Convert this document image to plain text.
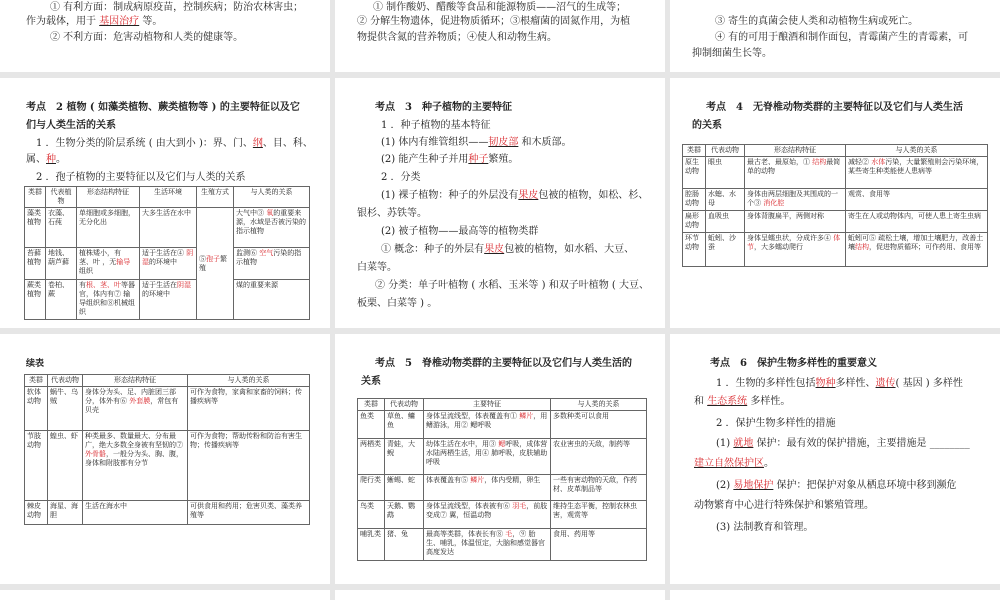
① 有利方面：制成病原疫苗，控制疾病；防治农林害虫；
作为载体，用于 基因治疗 等。
② 不利方面：危害动植物和人类的健康等。
① 制作酸奶、醋酸等食品和能源物质——沼气的生成等；
② 分解生物遗体，促进物质循环；③根瘤菌的固氮作用，为植
物提供含氮的营养物质；④使人和动物生病。
③ 寄生的真菌会使人类和动植物生病或死亡。
④ 有的可用于酿酒和制作面包，青霉菌产生的青霉素，可
抑制细菌生长等。
考点　2 植物 ( 如藻类植物、蕨类植物等 ) 的主要特征以及它
们与人类生活的关系
1 ．生物分类的阶层系统 ( 由大到小 )：界、门、纲、目、科、
属、种。
2 ．孢子植物的主要特征以及它们与人类的关系
类群	代表植物	形态结构特征	生活环境	生殖方式	与人类的关系
藻类植物	衣藻、石莼	单细胞或多细胞，无分化出	大多生活在水中	⑤孢子繁殖	大气中③ 氧的重要来源，水域是否被污染的指示植物
苔藓植物	地钱、葫芦藓	植株矮小，有 茎、叶 ，无输导组织	适于生活在④ 阴湿的环境中		监测⑥ 空气污染的指示植物
蕨类植物	卷柏、蕨	有根、茎、叶等器官，体内有⑦ 输导组织和⑧机械组织	适于生活在阴湿的环境中		煤的重要来源
考点　3　种子植物的主要特征
1 ．种子植物的基本特征
(1) 体内有维管组织——韧皮部 和木质部。
(2) 能产生种子并用种子繁殖。
2 ．分类
(1) 裸子植物：种子的外层没有果皮包被的植物，如松、杉、
银杉、苏铁等。
(2) 被子植物——最高等的植物类群
① 概念：种子的外层有果皮包被的植物，如水稻、大豆、
白菜等。
② 分类：单子叶植物 ( 水稻、玉米等 ) 和双子叶植物 ( 大豆、
板栗、白菜等 ) 。
考点　4　无脊椎动物类群的主要特征以及它们与人类生活
的关系
类群	代表动物	形态结构特征	与人类的关系
原生动物	眼虫	最古老、最原始，① 结构最简单的动物	减轻② 水体污染，大量繁殖则会污染环境，某些寄生种类能使人患病等
腔肠动物	水螅、水母	身体由两层细胞及其围成的一个③ 消化腔	观赏、食用等
扁形动物	血吸虫	身体背腹扁平，两侧对称	寄生在人或动物体内，可使人患上寄生虫病
环节动物	蚯蚓、沙蚕	身体呈蠕虫状，分成许多④ 体节，大多蠕动爬行	蚯蚓可⑤ 疏松土壤，增加土壤肥力，改善土壤结构，促进物质循环；可作药用、食用等
续表
类群	代表动物	形态结构特征	与人类的关系
软体动物	蜗牛、乌贼	身体分为头、足、内脏团三部分，体外有⑥ 外套膜，常包有贝壳	可作为食物，家禽和家畜的饲料；传播疾病等
节肢动物	蝗虫、虾	种类最多、数量最大、分布最广，绝大多数全身被有坚韧的⑦ 外骨骼，一般分为头、胸、腹，身体和附肢都有分节	可作为食物；帮助传粉和防治有害生物；传播疾病等
棘皮动物	海星、海胆	生活在海水中	可供食用和药用；危害贝类、藻类养殖等
考点　5　脊椎动物类群的主要特征以及它们与人类生活的
关系
类群	代表动物	主要特征	与人类的关系
鱼类	草鱼、鳙鱼	身体呈流线型，体表覆盖有① 鳞片，用鳍游泳，用② 鳃呼吸	多数种类可以食用
两栖类	青蛙，大鲵	幼体生活在水中，用③ 鳃呼吸，成体营水陆两栖生活，用④ 肺呼吸，皮肤辅助呼吸	农业害虫的天敌，制药等
爬行类	蜥蜴、蛇	体表覆盖有⑤ 鳞片，体内受精，卵生	一些有害动物的天敌，作药材、皮革制品等
鸟类	天鹅、鹦鹉	身体呈流线型，体表被有⑥ 羽毛，前肢变成⑦ 翼，恒温动物	维持生态平衡，控制农林虫害，观赏等
哺乳类	猪、兔	最高等类群，体表长有⑧ 毛，⑨ 胎生、哺乳，体温恒定，大脑和感觉器官高度发达	食用、药用等
考点　6　保护生物多样性的重要意义
1 ．生物的多样性包括物种多样性、遗传( 基因 ) 多样性
和 生态系统 多样性。
2 ．保护生物多样性的措施
(1) 就地 保护：最有效的保护措施，主要措施是 ________
建立自然保护区。
(2) 易地保护 保护：把保护对象从栖息环境中移到濒危
动物繁育中心进行特殊保护和繁殖管理。
(3) 法制教育和管理。
